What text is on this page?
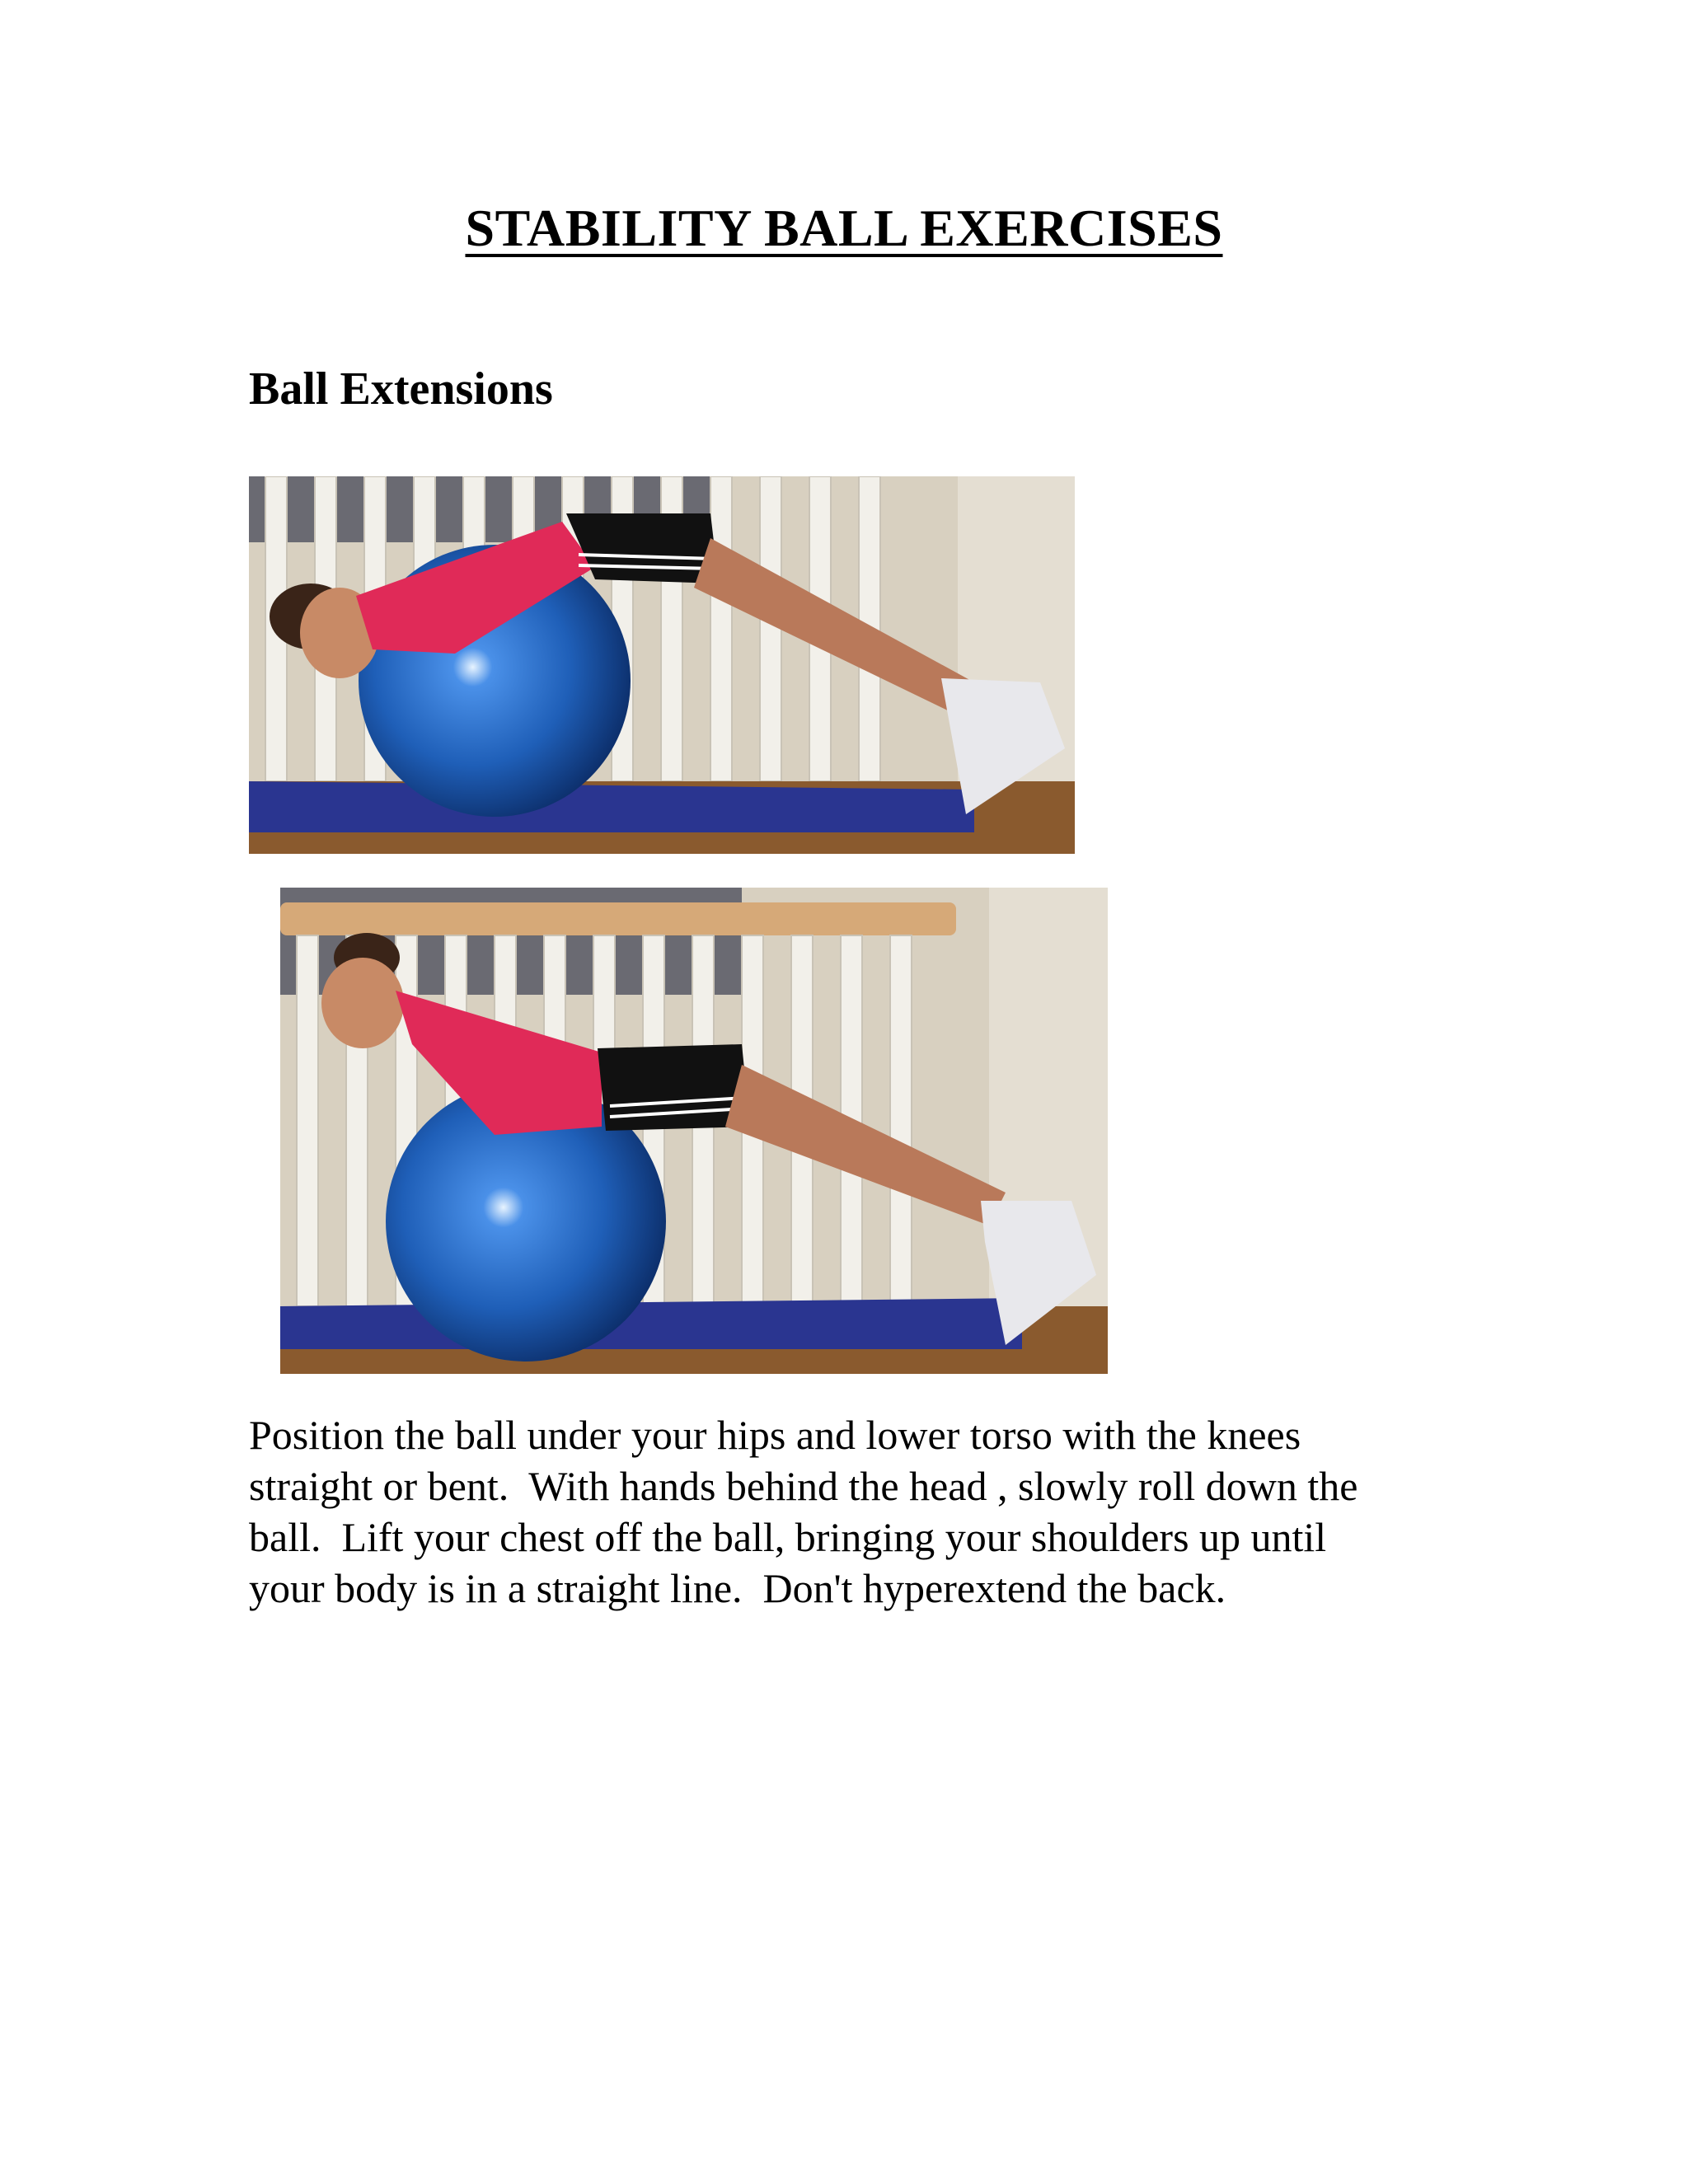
STABILITY BALL EXERCISES
Ball Extensions

Position the ball under your hips and lower torso with the knees
straight or bent.  With hands behind the head , slowly roll down the
ball.  Lift your chest off the ball, bringing your shoulders up until
your body is in a straight line.  Don't hyperextend the back.
